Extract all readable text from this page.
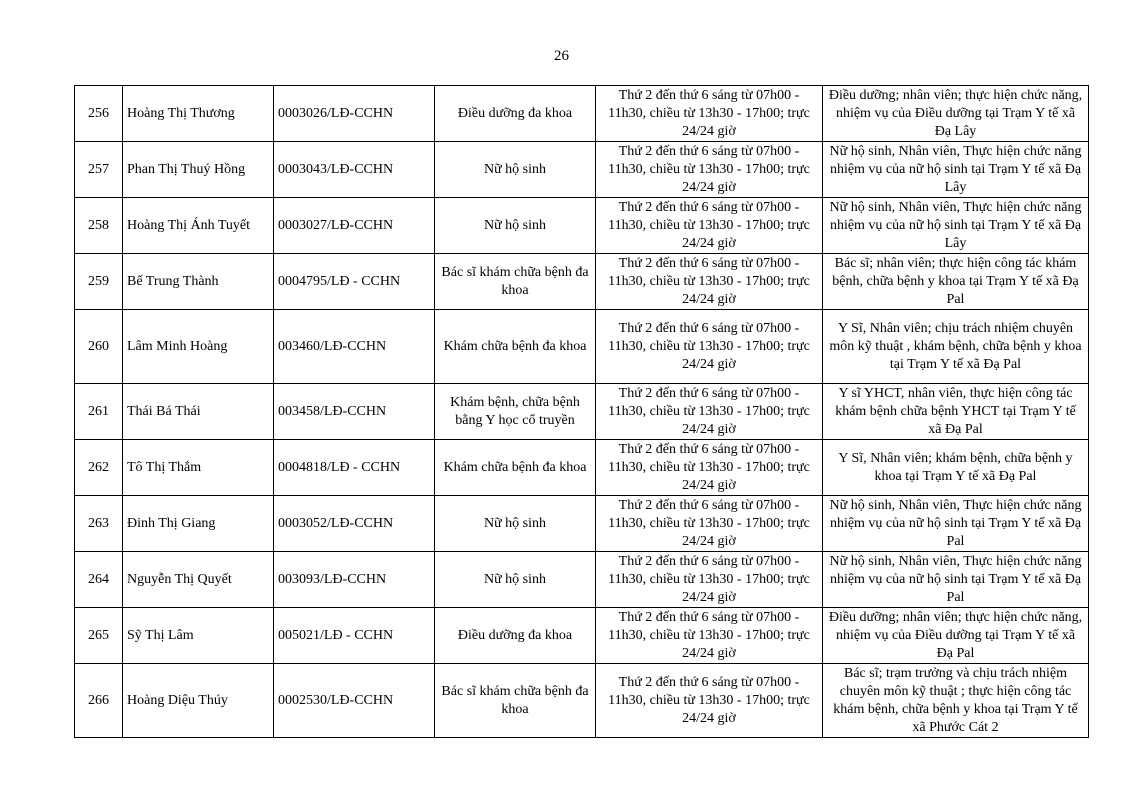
26
256	Hoàng Thị Thương	0003026/LĐ-CCHN	Điều dưỡng đa khoa	Thứ 2 đến thứ 6 sáng từ 07h00 - 11h30, chiều từ 13h30 - 17h00; trực 24/24 giờ	Điều dưỡng; nhân viên; thực hiện chức năng, nhiệm vụ của Điều dưỡng tại Trạm Y tế xã Đạ Lây
257	Phan Thị Thuý Hồng	0003043/LĐ-CCHN	Nữ hộ sinh	Thứ 2 đến thứ 6 sáng từ 07h00 - 11h30, chiều từ 13h30 - 17h00; trực 24/24 giờ	Nữ hộ sinh, Nhân viên, Thực hiện chức năng nhiệm vụ của nữ hộ sinh tại Trạm Y tế xã Đạ Lây
258	Hoàng Thị Ánh Tuyết	0003027/LĐ-CCHN	Nữ hộ sinh	Thứ 2 đến thứ 6 sáng từ 07h00 - 11h30, chiều từ 13h30 - 17h00; trực 24/24 giờ	Nữ hộ sinh, Nhân viên, Thực hiện chức năng nhiệm vụ của nữ hộ sinh tại Trạm Y tế xã Đạ Lây
259	Bế Trung Thành	0004795/LĐ - CCHN	Bác sĩ khám chữa bệnh đa khoa	Thứ 2 đến thứ 6 sáng từ 07h00 - 11h30, chiều từ 13h30 - 17h00; trực 24/24 giờ	Bác sĩ; nhân viên; thực hiện công tác khám bệnh, chữa bệnh y khoa tại Trạm Y tế xã Đạ Pal
260	Lâm Minh Hoàng	003460/LĐ-CCHN	Khám chữa bệnh đa khoa	Thứ 2 đến thứ 6 sáng từ 07h00 - 11h30, chiều từ 13h30 - 17h00; trực 24/24 giờ	Y Sĩ, Nhân viên; chịu trách nhiệm chuyên môn kỹ thuật , khám bệnh, chữa bệnh y khoa tại Trạm Y tế xã Đạ Pal
261	Thái Bá Thái	003458/LĐ-CCHN	Khám bệnh, chữa bệnh bằng Y học cổ truyền	Thứ 2 đến thứ 6 sáng từ 07h00 - 11h30, chiều từ 13h30 - 17h00; trực 24/24 giờ	Y sĩ YHCT, nhân viên, thực hiện công tác khám bệnh chữa bệnh YHCT tại Trạm Y tế xã Đạ Pal
262	Tô Thị Thắm	0004818/LĐ - CCHN	Khám chữa bệnh đa khoa	Thứ 2 đến thứ 6 sáng từ 07h00 - 11h30, chiều từ 13h30 - 17h00; trực 24/24 giờ	Y Sĩ, Nhân viên; khám bệnh, chữa bệnh y khoa tại Trạm Y tế xã Đạ Pal
263	Đinh Thị Giang	0003052/LĐ-CCHN	Nữ hộ sinh	Thứ 2 đến thứ 6 sáng từ 07h00 - 11h30, chiều từ 13h30 - 17h00; trực 24/24 giờ	Nữ hộ sinh, Nhân viên, Thực hiện chức năng nhiệm vụ của nữ hộ sinh tại Trạm Y tế xã Đạ Pal
264	Nguyễn Thị Quyết	003093/LĐ-CCHN	Nữ hộ sinh	Thứ 2 đến thứ 6 sáng từ 07h00 - 11h30, chiều từ 13h30 - 17h00; trực 24/24 giờ	Nữ hộ sinh, Nhân viên, Thực hiện chức năng nhiệm vụ của nữ hộ sinh tại Trạm Y tế xã Đạ Pal
265	Sỹ Thị Lâm	005021/LĐ - CCHN	Điều dưỡng đa khoa	Thứ 2 đến thứ 6 sáng từ 07h00 - 11h30, chiều từ 13h30 - 17h00; trực 24/24 giờ	Điều dưỡng; nhân viên; thực hiện chức năng, nhiệm vụ của Điều dưỡng tại Trạm Y tế xã Đạ Pal
266	Hoàng Diệu Thúy	0002530/LĐ-CCHN	Bác sĩ khám chữa bệnh đa khoa	Thứ 2 đến thứ 6 sáng từ 07h00 - 11h30, chiều từ 13h30 - 17h00; trực 24/24 giờ	Bác sĩ; trạm trưởng và chịu trách nhiệm chuyên môn kỹ thuật ; thực hiện công tác khám bệnh, chữa bệnh y khoa tại Trạm Y tế xã Phước Cát 2
